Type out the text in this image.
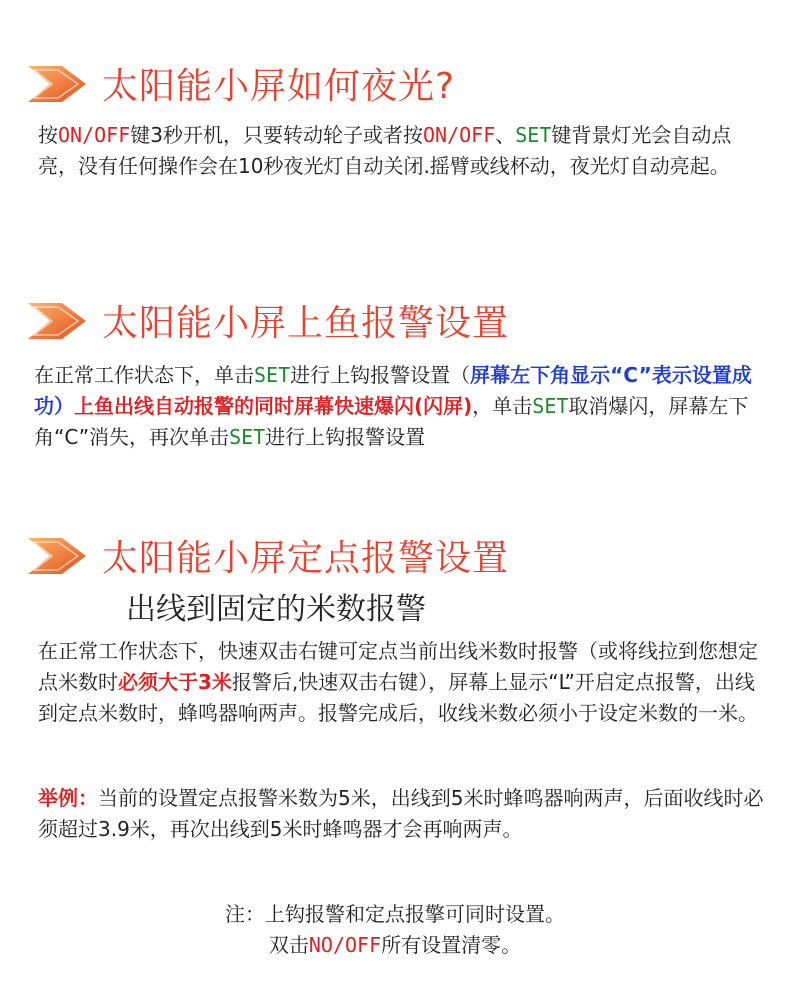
太阳能小屏如何夜光?

按ON/OFF键3秒开机，只要转动轮子或者按ON/OFF、SET键背景灯光会自动点亮，没有任何操作会在10秒夜光灯自动关闭.摇臂或线杯动，夜光灯自动亮起。

太阳能小屏上鱼报警设置

在正常工作状态下，单击SET进行上钩报警设置（屏幕左下角显示“C”表示设置成功）上鱼出线自动报警的同时屏幕快速爆闪(闪屏)，单击SET取消爆闪，屏幕左下角“C”消失，再次单击SET进行上钩报警设置

太阳能小屏定点报警设置
出线到固定的米数报警

在正常工作状态下，快速双击右键可定点当前出线米数时报警（或将线拉到您想定点米数时必须大于3米报警后,快速双击右键），屏幕上显示“L”开启定点报警，出线到定点米数时，蜂鸣器响两声。报警完成后，收线米数必须小于设定米数的一米。

举例：当前的设置定点报警米数为5米，出线到5米时蜂鸣器响两声，后面收线时必须超过3.9米，再次出线到5米时蜂鸣器才会再响两声。

注：上钩报警和定点报擎可同时设置。
双击NO/OFF所有设置清零。
